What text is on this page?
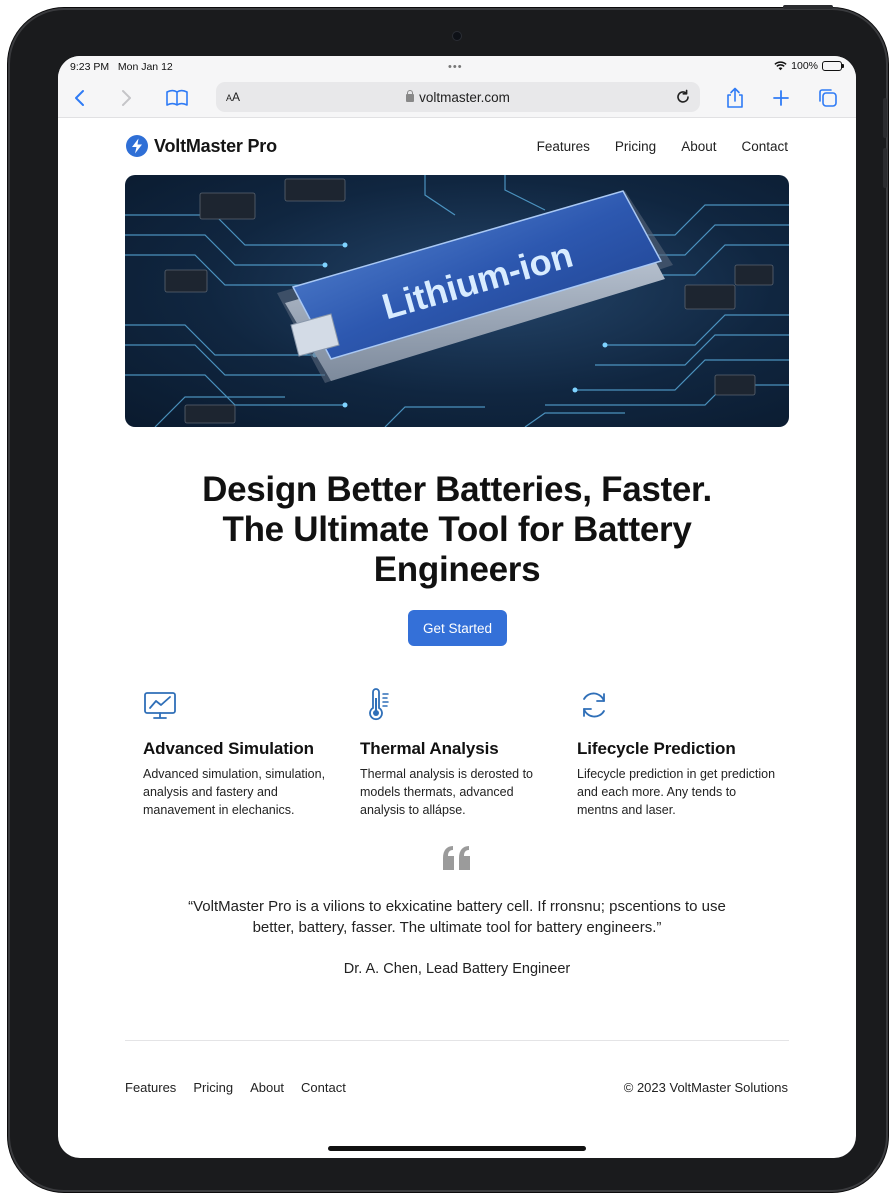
9:23 PM Mon Jan 12	•••	100%
AA	voltmaster.com
VoltMaster Pro	Features Pricing About Contact
Lithium-ion
Design Better Batteries, Faster.
The Ultimate Tool for Battery
Engineers
Get Started
Advanced Simulation

Advanced simulation, simulation, analysis and fastery and manavement in elechanics.

Thermal Analysis

Thermal analysis is derosted to models thermats, advanced analysis to allápse.

Lifecycle Prediction

Lifecycle prediction in get prediction and each more. Any tends to mentns and laser.

“VoltMaster Pro is a vilions to ekxicatine battery cell. If rronsnu; pscentions to use better, battery, fasser. The ultimate tool for battery engineers.”

Dr. A. Chen, Lead Battery Engineer

Features Pricing About Contact	© 2023 VoltMaster Solutions
